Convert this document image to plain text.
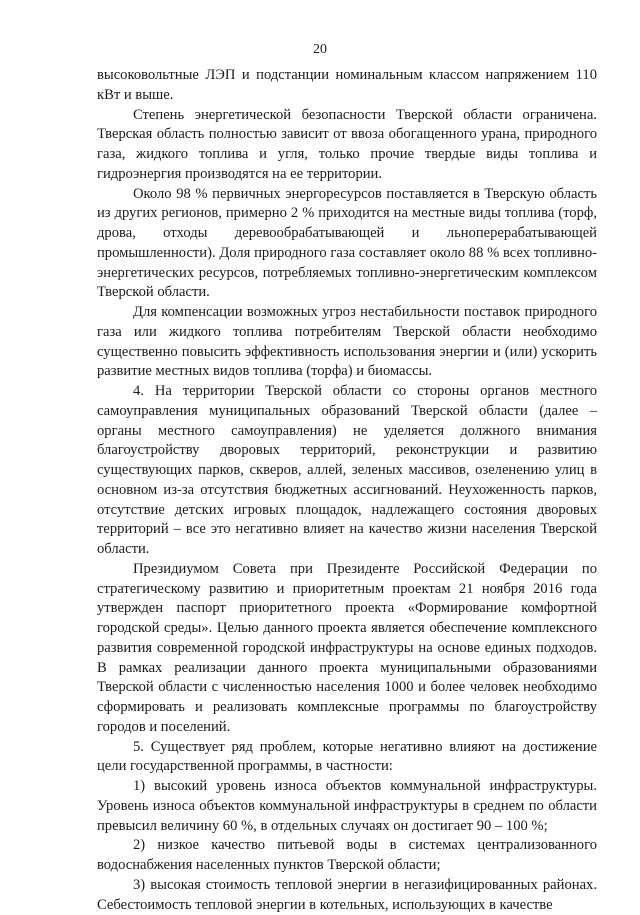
20

высоковольтные ЛЭП и подстанции номинальным классом напряжением 110 кВт и выше.

Степень энергетической безопасности Тверской области ограничена. Тверская область полностью зависит от ввоза обогащенного урана, природного газа, жидкого топлива и угля, только прочие твердые виды топлива и гидроэнергия производятся на ее территории.

Около 98 % первичных энергоресурсов поставляется в Тверскую область из других регионов, примерно 2 % приходится на местные виды топлива (торф, дрова, отходы деревообрабатывающей и льноперерабатывающей промышленности). Доля природного газа составляет около 88 % всех топливно-энергетических ресурсов, потребляемых топливно-энергетическим комплексом Тверской области.

Для компенсации возможных угроз нестабильности поставок природного газа или жидкого топлива потребителям Тверской области необходимо существенно повысить эффективность использования энергии и (или) ускорить развитие местных видов топлива (торфа) и биомассы.

4. На территории Тверской области со стороны органов местного самоуправления муниципальных образований Тверской области (далее – органы местного самоуправления) не уделяется должного внимания благоустройству дворовых территорий, реконструкции и развитию существующих парков, скверов, аллей, зеленых массивов, озеленению улиц в основном из-за отсутствия бюджетных ассигнований. Неухоженность парков, отсутствие детских игровых площадок, надлежащего состояния дворовых территорий – все это негативно влияет на качество жизни населения Тверской области.

Президиумом Совета при Президенте Российской Федерации по стратегическому развитию и приоритетным проектам 21 ноября 2016 года утвержден паспорт приоритетного проекта «Формирование комфортной городской среды». Целью данного проекта является обеспечение комплексного развития современной городской инфраструктуры на основе единых подходов. В рамках реализации данного проекта муниципальными образованиями Тверской области с численностью населения 1000 и более человек необходимо сформировать и реализовать комплексные программы по благоустройству городов и поселений.

5. Существует ряд проблем, которые негативно влияют на достижение цели государственной программы, в частности:

1) высокий уровень износа объектов коммунальной инфраструктуры. Уровень износа объектов коммунальной инфраструктуры в среднем по области превысил величину 60 %, в отдельных случаях он достигает 90 – 100 %;

2) низкое качество питьевой воды в системах централизованного водоснабжения населенных пунктов Тверской области;

3) высокая стоимость тепловой энергии в негазифицированных районах. Себестоимость тепловой энергии в котельных, использующих в качестве
